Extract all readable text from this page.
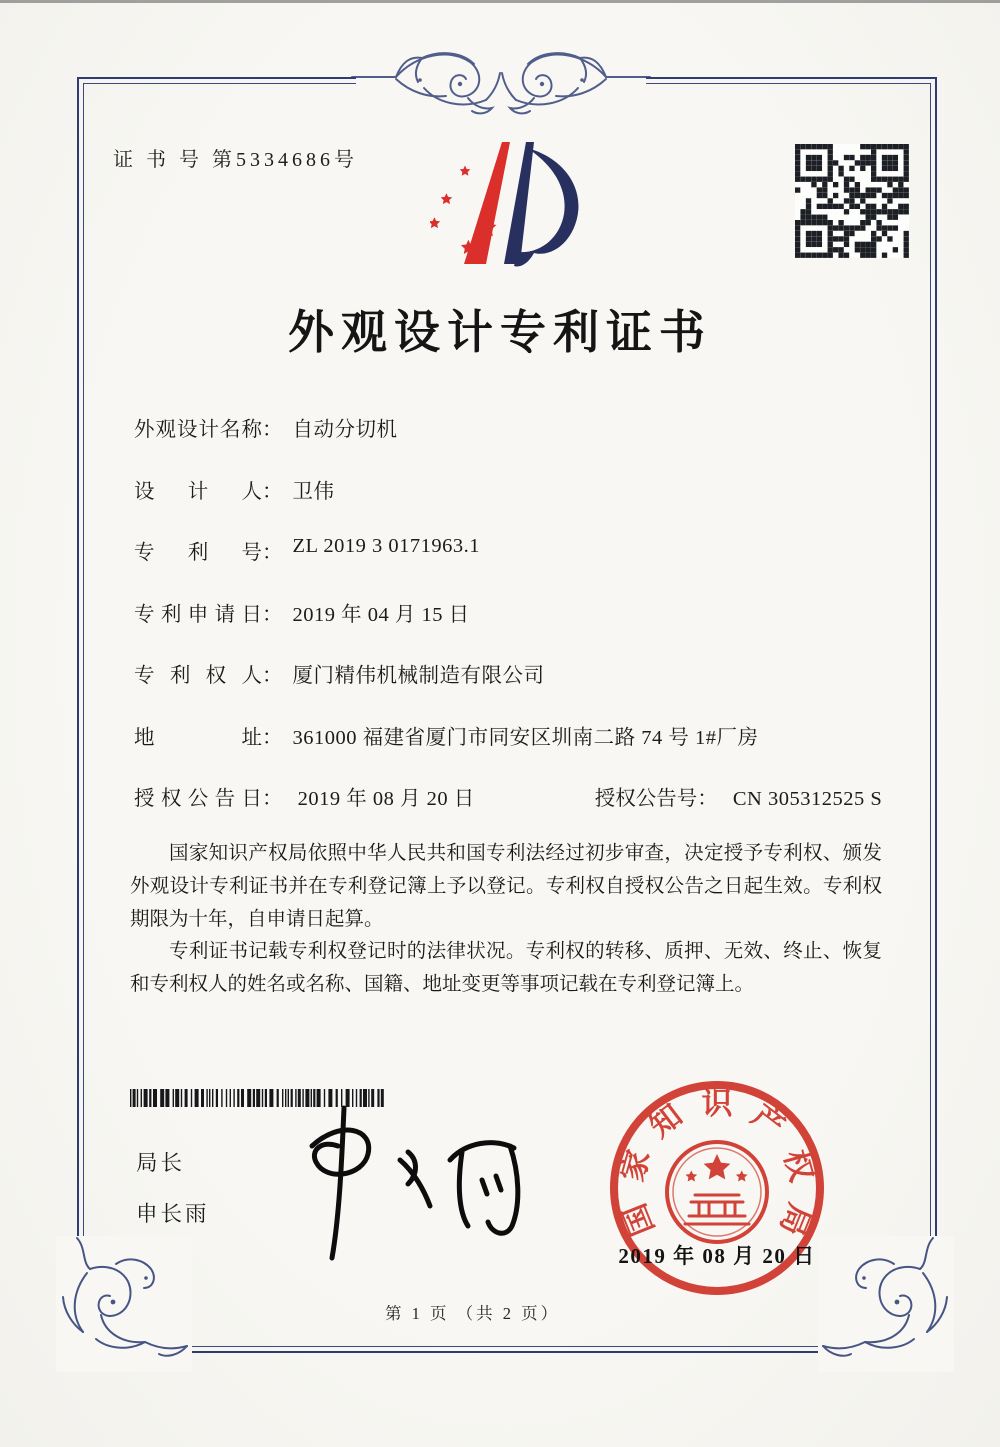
证 书 号 第5334686号
外观设计专利证书
外观设计名称 ： 自动分切机
设计人 ： 卫伟
专利号 ： ZL 2019 3 0171963.1
专利申请日 ： 2019 年 04 月 15 日
专利权人 ： 厦门精伟机械制造有限公司
地址 ： 361000 福建省厦门市同安区圳南二路 74 号 1#厂房
授权公告日： 2019 年 08 月 20 日	授权公告号： CN 305312525 S

国家知识产权局依照中华人民共和国专利法经过初步审查，决定授予专利权、颁发外观设计专利证书并在专利登记簿上予以登记。专利权自授权公告之日起生效。专利权期限为十年，自申请日起算。

专利证书记载专利权登记时的法律状况。专利权的转移、质押、无效、终止、恢复和专利权人的姓名或名称、国籍、地址变更等事项记载在专利登记簿上。

局长
申长雨	国
家
知 识 产
权
局
2019 年 08 月 20 日
第 1 页 （共 2 页）
